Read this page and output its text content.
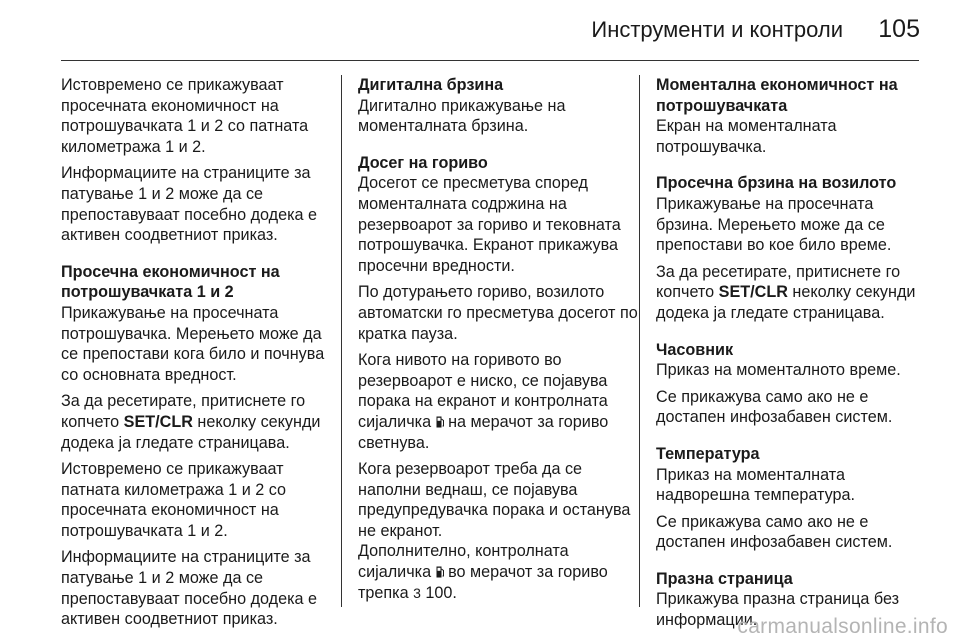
Инструменти и контроли 105

Истовремено се прикажуваат просечната економичност на потрошувачката 1 и 2 со патната километража 1 и 2.

Информациите на страниците за патување 1 и 2 може да се препоставуваат посебно додека е активен соодветниот приказ.

Просечна економичност на потрошувачката 1 и 2

Прикажување на просечната потрошувачка. Мерењето може да се препостави кога било и почнува со основната вредност.

За да ресетирате, притиснете го копчето SET/CLR неколку секунди додека ја гледате страницава.

Истовремено се прикажуваат патната километража 1 и 2 со просечната економичност на потрошувачката 1 и 2.

Информациите на страниците за патување 1 и 2 може да се препоставуваат посебно додека е активен соодветниот приказ.

Дигитална брзина

Дигитално прикажување на моменталната брзина.

Досег на гориво

Досегот се пресметува според моменталната содржина на резервоарот за гориво и тековната потрошувачка. Екранот прикажува просечни вредности.

По дотурањето гориво, возилото автоматски го пресметува досегот по кратка пауза.

Кога нивото на горивото во резервоарот е ниско, се појавува порака на екранот и контролната сијаличка
на мерачот за гориво светнува.

Кога резервоарот треба да се наполни веднаш, се појавува предупредувачка порака и останува не екранот.
Дополнително, контролната сијаличка
во мерачот за гориво трепка 3 100.

Моментална економичност на потрошувачката

Екран на моменталната потрошувачка.

Просечна брзина на возилото

Прикажување на просечната брзина. Мерењето може да се препостави во кое било време.

За да ресетирате, притиснете го копчето SET/CLR неколку секунди додека ја гледате страницава.

Часовник

Приказ на моменталното време.

Се прикажува само ако не е достапен инфозабавен систем.

Температура

Приказ на моменталната надворешна температура.

Се прикажува само ако не е достапен инфозабавен систем.

Празна страница

Прикажува празна страница без информации.

carmanualsonline.info
